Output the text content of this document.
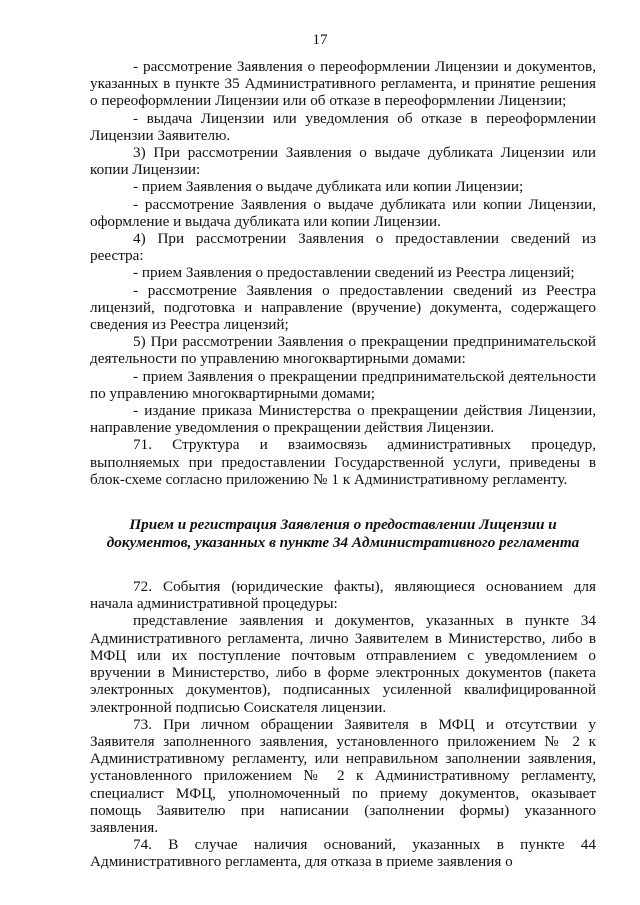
17

- рассмотрение Заявления о переоформлении Лицензии и документов, указанных в пункте 35 Административного регламента, и принятие решения о переоформлении Лицензии или об отказе в переоформлении Лицензии;

- выдача Лицензии или уведомления об отказе в переоформлении Лицензии Заявителю.

3) При рассмотрении Заявления о выдаче дубликата Лицензии или копии Лицензии:

- прием Заявления о выдаче дубликата или копии Лицензии;

- рассмотрение Заявления о выдаче дубликата или копии Лицензии, оформление и выдача дубликата или копии Лицензии.

4) При рассмотрении Заявления о предоставлении сведений из реестра:

- прием Заявления о предоставлении сведений из Реестра лицензий;

- рассмотрение Заявления о предоставлении сведений из Реестра лицензий, подготовка и направление (вручение) документа, содержащего сведения из Реестра лицензий;

5) При рассмотрении Заявления о прекращении предпринимательской деятельности по управлению многоквартирными домами:

- прием Заявления о прекращении предпринимательской деятельности по управлению многоквартирными домами;

- издание приказа Министерства о прекращении действия Лицензии, направление уведомления о прекращении действия Лицензии.

71. Структура и взаимосвязь административных процедур, выполняемых при предоставлении Государственной услуги, приведены в блок-схеме согласно приложению № 1 к Административному регламенту.

Прием и регистрация Заявления о предоставлении Лицензии и документов, указанных в пункте 34 Административного регламента

72. События (юридические факты), являющиеся основанием для начала административной процедуры:

представление заявления и документов, указанных в пункте 34 Административного регламента, лично Заявителем в Министерство, либо в МФЦ или их поступление почтовым отправлением с уведомлением о вручении в Министерство, либо в форме электронных документов (пакета электронных документов), подписанных усиленной квалифицированной электронной подписью Соискателя лицензии.

73. При личном обращении Заявителя в МФЦ и отсутствии у Заявителя заполненного заявления, установленного приложением № 2 к Административному регламенту, или неправильном заполнении заявления, установленного приложением № 2 к Административному регламенту, специалист МФЦ, уполномоченный по приему документов, оказывает помощь Заявителю при написании (заполнении формы) указанного заявления.

74. В случае наличия оснований, указанных в пункте 44 Административного регламента, для отказа в приеме заявления о
